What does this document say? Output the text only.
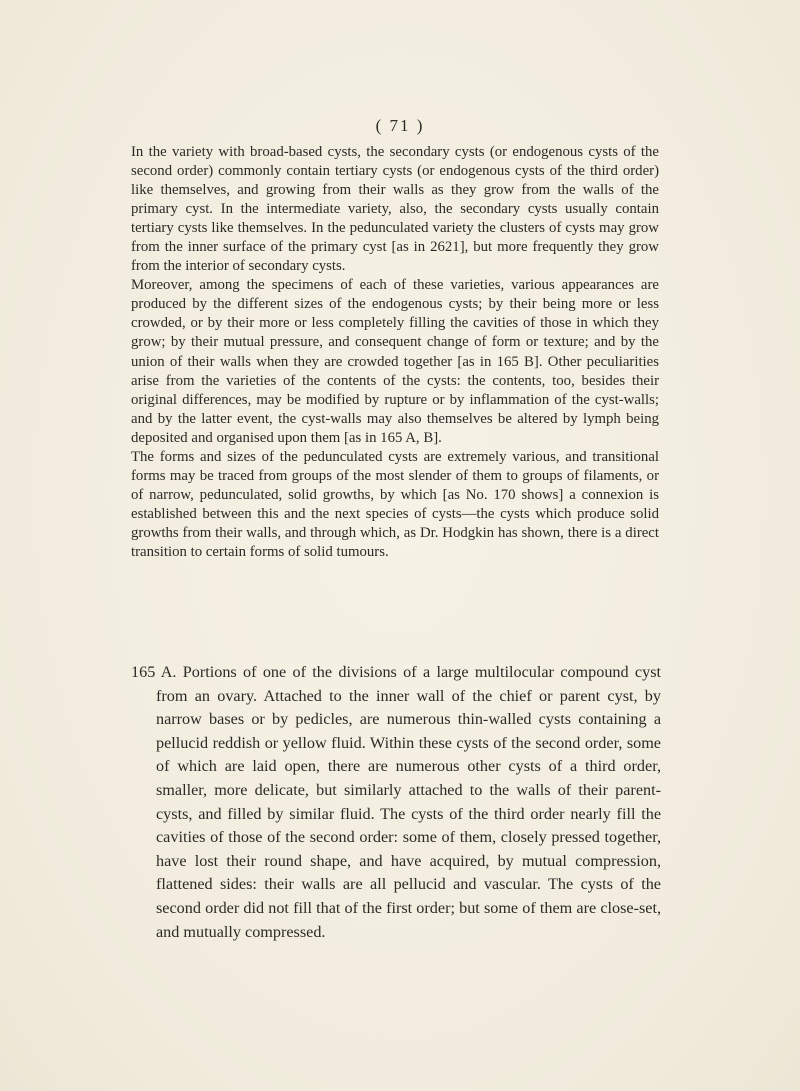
( 71 )

In the variety with broad-based cysts, the secondary cysts (or endogenous cysts of the second order) commonly contain tertiary cysts (or endogenous cysts of the third order) like themselves, and growing from their walls as they grow from the walls of the primary cyst. In the intermediate variety, also, the secondary cysts usually contain tertiary cysts like themselves. In the pedunculated variety the clusters of cysts may grow from the inner surface of the primary cyst [as in 2621], but more frequently they grow from the interior of secondary cysts.

Moreover, among the specimens of each of these varieties, various appearances are produced by the different sizes of the endogenous cysts; by their being more or less crowded, or by their more or less completely filling the cavities of those in which they grow; by their mutual pressure, and consequent change of form or texture; and by the union of their walls when they are crowded together [as in 165 B]. Other peculiarities arise from the varieties of the contents of the cysts: the contents, too, besides their original differences, may be modified by rupture or by inflammation of the cyst-walls; and by the latter event, the cyst-walls may also themselves be altered by lymph being deposited and organised upon them [as in 165 A, B].

The forms and sizes of the pedunculated cysts are extremely various, and transitional forms may be traced from groups of the most slender of them to groups of filaments, or of narrow, pedunculated, solid growths, by which [as No. 170 shows] a connexion is established between this and the next species of cysts—the cysts which produce solid growths from their walls, and through which, as Dr. Hodgkin has shown, there is a direct transition to certain forms of solid tumours.

165 A. Portions of one of the divisions of a large multilocular compound cyst from an ovary. Attached to the inner wall of the chief or parent cyst, by narrow bases or by pedicles, are numerous thin-walled cysts containing a pellucid reddish or yellow fluid. Within these cysts of the second order, some of which are laid open, there are numerous other cysts of a third order, smaller, more delicate, but similarly attached to the walls of their parent-cysts, and filled by similar fluid. The cysts of the third order nearly fill the cavities of those of the second order: some of them, closely pressed together, have lost their round shape, and have acquired, by mutual compression, flattened sides: their walls are all pellucid and vascular. The cysts of the second order did not fill that of the first order; but some of them are close-set, and mutually compressed.
